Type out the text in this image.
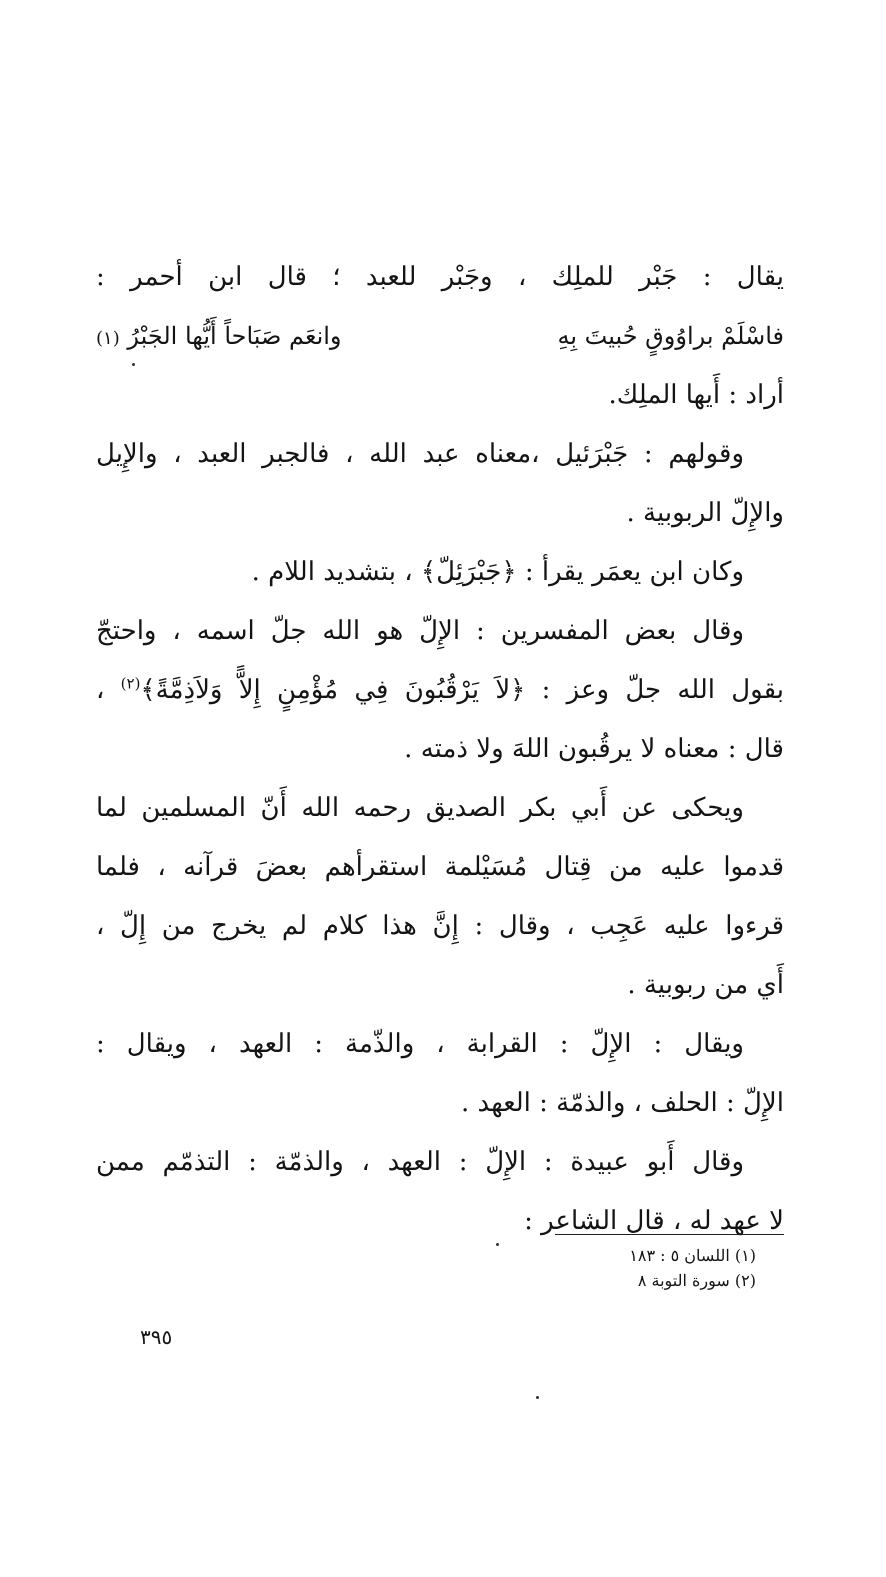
يقال : جَبْر للملِك ، وجَبْر للعبد ؛ قال ابن أحمر :
فاسْلَمْ براوُوقٍ حُبيتَ بِهِ
وانعَم صَبَاحاً أَيُّها الجَبْرُ (١)
أراد : أَيها الملِك.
وقولهم : جَبْرَئيل ،معناه عبد الله ، فالجبر العبد ، والإِيل
والإِلّ الربوبية .
وكان ابن يعمَر يقرأ : ﴿جَبْرَئِلّ﴾ ، بتشديد اللام .
وقال بعض المفسرين : الإِلّ هو الله جلّ اسمه ، واحتجّ
بقول الله جلّ وعز : ﴿لاَ يَرْقُبُونَ فِي مُؤْمِنٍ إِلاًّ وَلاَذِمَّةً﴾$^{(٢)}$ ،
قال : معناه لا يرقُبون اللهَ ولا ذمته .
ويحكى عن أَبي بكر الصديق رحمه الله أَنّ المسلمين لما
قدموا عليه من قِتال مُسَيْلمة استقرأهم بعضَ قرآنه ، فلما
قرءوا عليه عَجِب ، وقال : إِنَّ هذا كلام لم يخرج من إِلّ ،
أَي من ربوبية .
ويقال : الإِلّ : القرابة ، والذّمة : العهد ، ويقال :
الإِلّ : الحلف ، والذمّة : العهد .
وقال أَبو عبيدة : الإِلّ : العهد ، والذمّة : التذمّم ممن
لا عهد له ، قال الشاعر :
(١) اللسان ٥ : ١٨٣
(٢) سورة التوبة ٨
٣٩٥
